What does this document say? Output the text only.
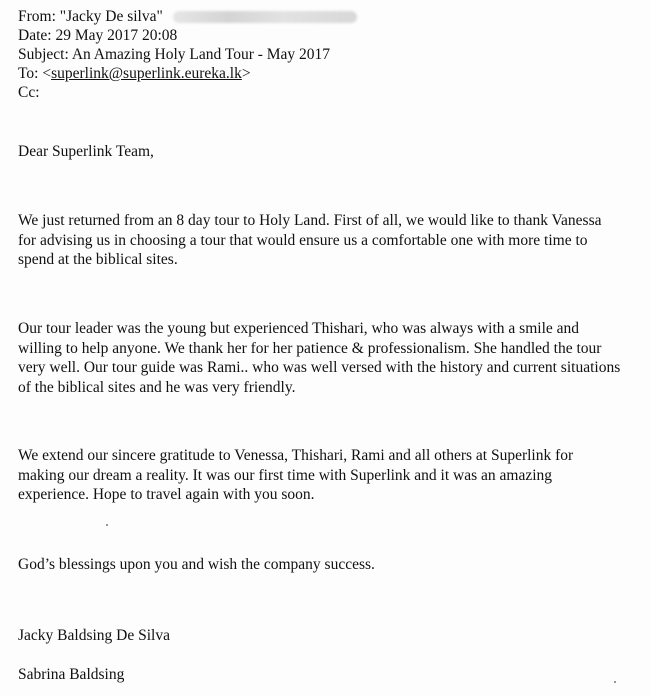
From: "Jacky De silva"
Date: 29 May 2017 20:08
Subject: An Amazing Holy Land Tour - May 2017
To: <superlink@superlink.eureka.lk>
Cc:
Dear Superlink Team,
We just returned from an 8 day tour to Holy Land. First of all, we would like to thank Vanessa
for advising us in choosing a tour that would ensure us a comfortable one with more time to
spend at the biblical sites.
Our tour leader was the young but experienced Thishari, who was always with a smile and
willing to help anyone. We thank her for her patience & professionalism. She handled the tour
very well. Our tour guide was Rami.. who was well versed with the history and current situations
of the biblical sites and he was very friendly.
We extend our sincere gratitude to Venessa, Thishari, Rami and all others at Superlink for
making our dream a reality. It was our first time with Superlink and it was an amazing
experience. Hope to travel again with you soon.
God’s blessings upon you and wish the company success.
Jacky Baldsing De Silva
Sabrina Baldsing
